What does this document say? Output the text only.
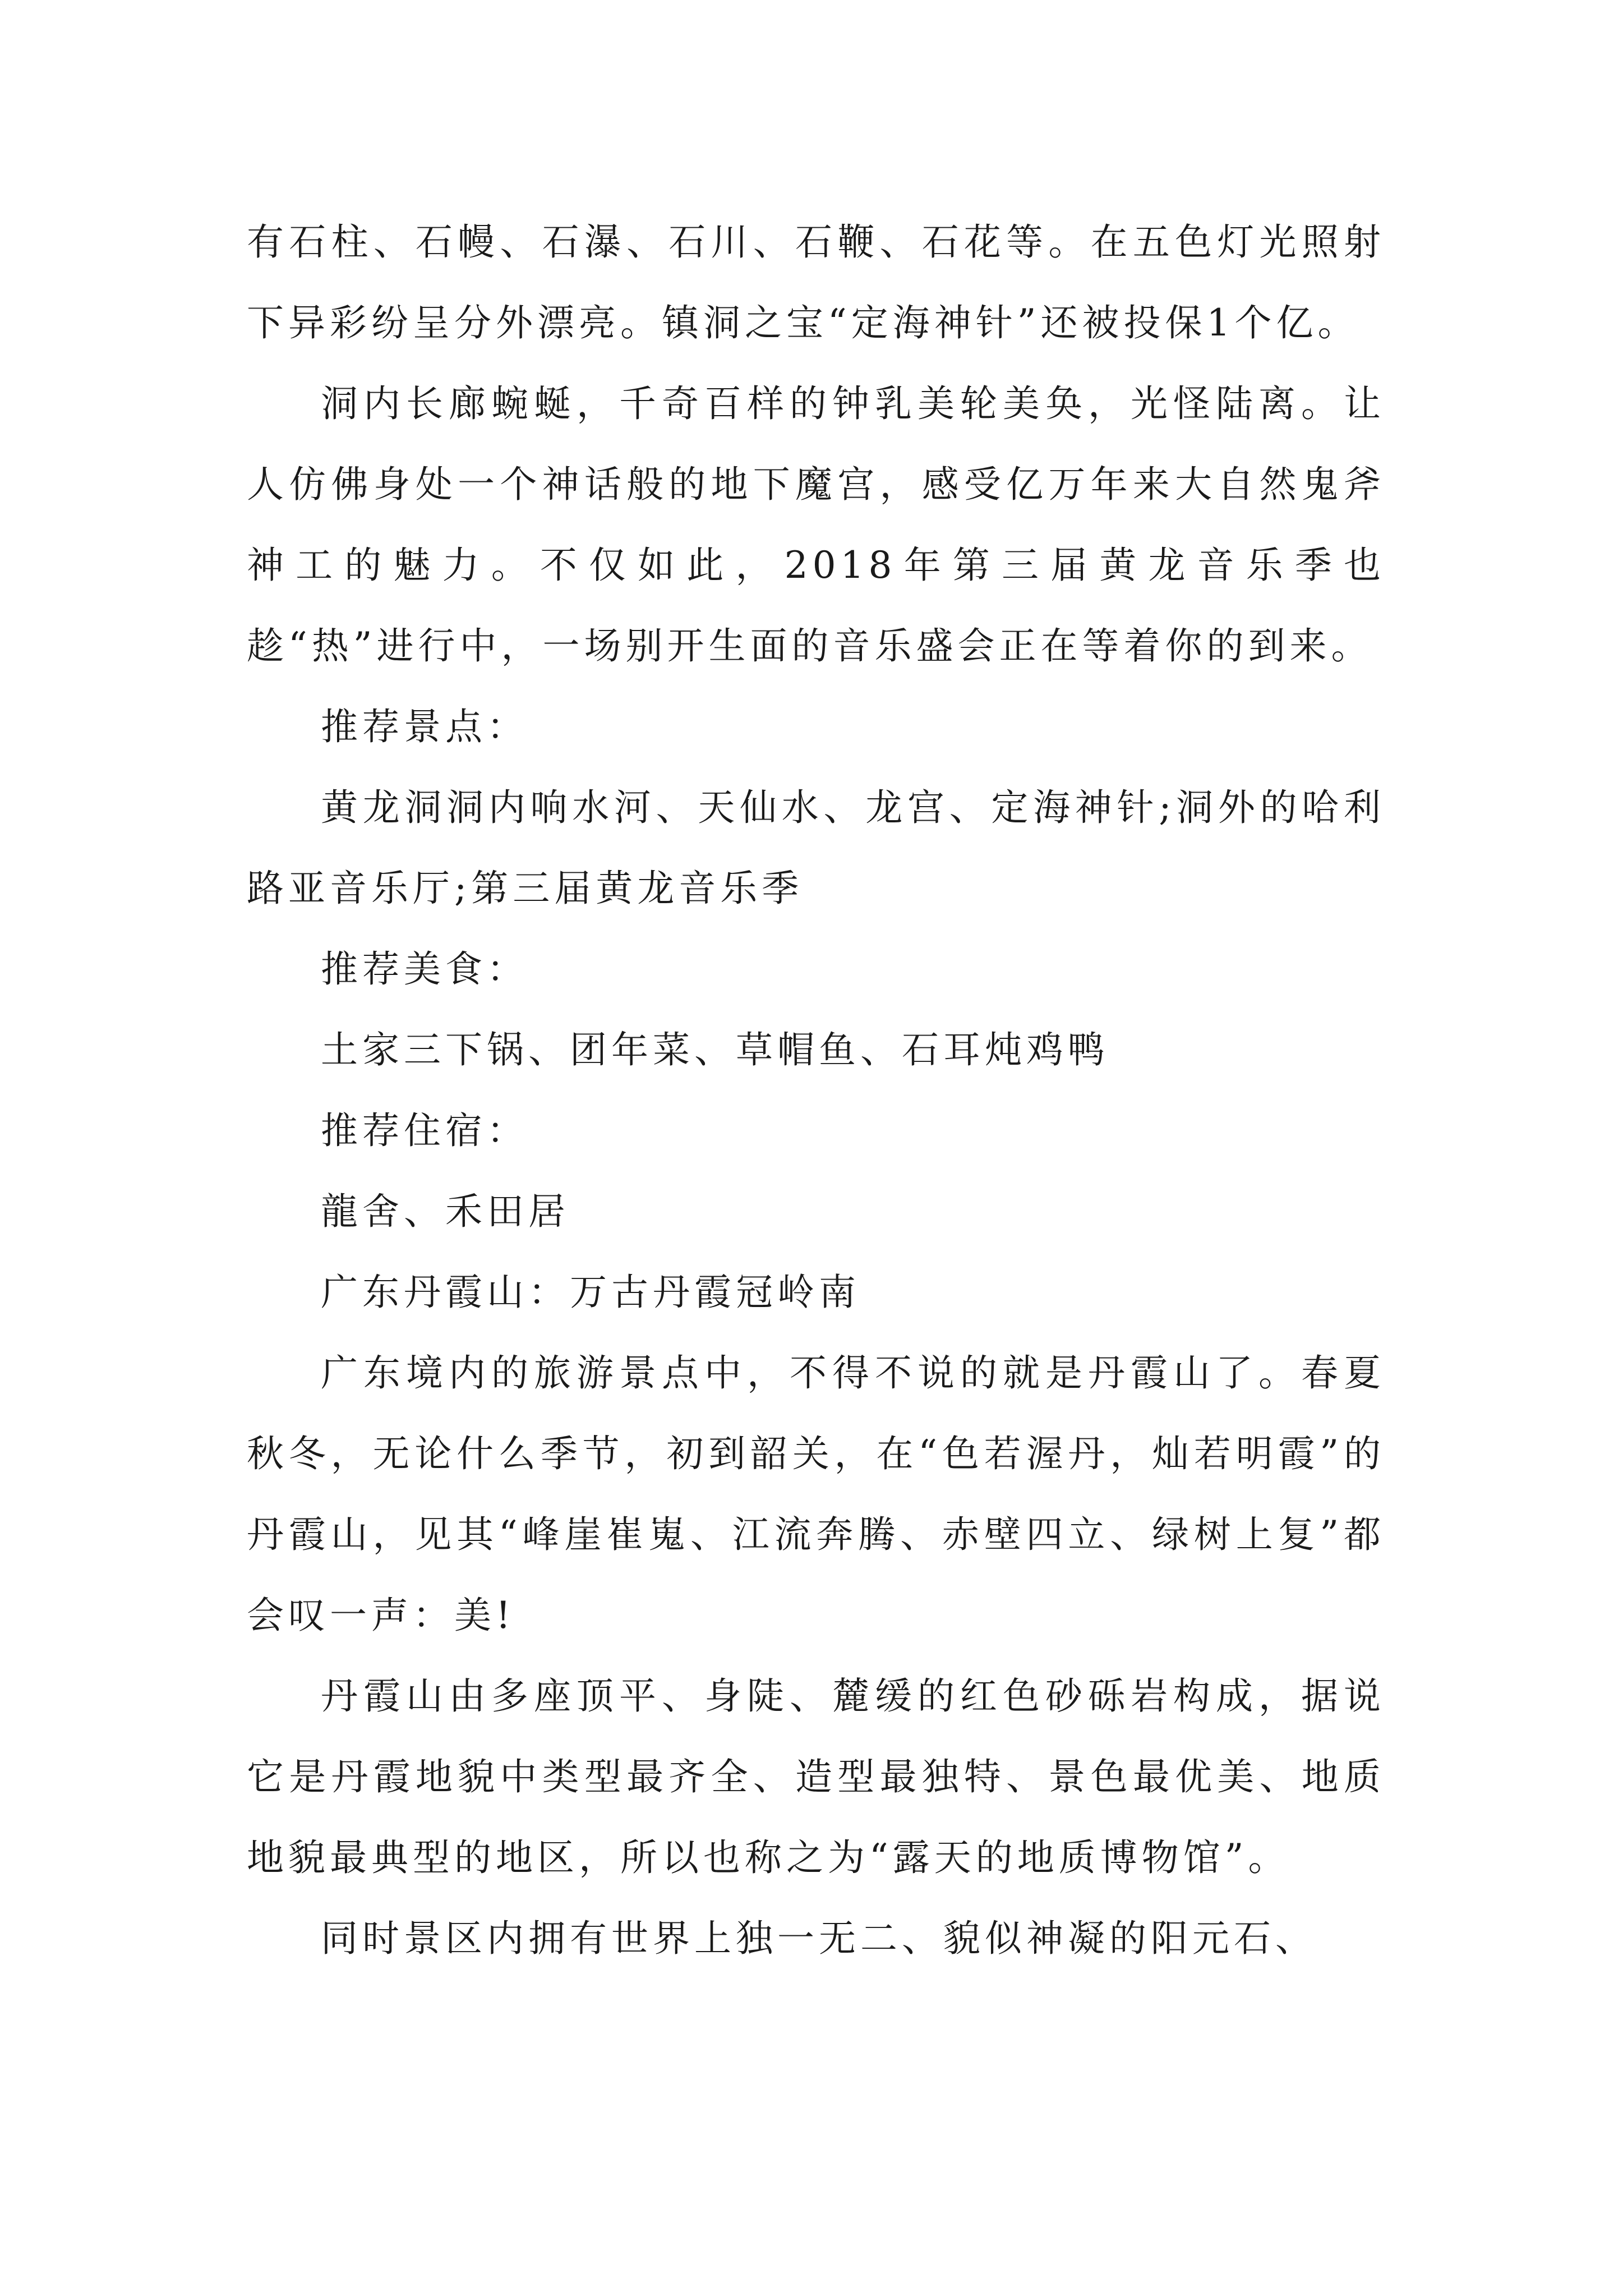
有石柱、石幔、石瀑、石川、石鞭、石花等。在五色灯光照射下异彩纷呈分外漂亮。镇洞之宝“定海神针”还被投保1个亿。

洞内长廊蜿蜒，千奇百样的钟乳美轮美奂，光怪陆离。让人仿佛身处一个神话般的地下魔宫，感受亿万年来大自然鬼斧神工的魅力。不仅如此，2018年第三届黄龙音乐季也趁“热”进行中，一场别开生面的音乐盛会正在等着你的到来。

推荐景点：

黄龙洞洞内响水河、天仙水、龙宫、定海神针;洞外的哈利路亚音乐厅;第三届黄龙音乐季

推荐美食：

土家三下锅、团年菜、草帽鱼、石耳炖鸡鸭

推荐住宿：

龍舍、禾田居

广东丹霞山：万古丹霞冠岭南

广东境内的旅游景点中，不得不说的就是丹霞山了。春夏秋冬，无论什么季节，初到韶关，在“色若渥丹，灿若明霞”的丹霞山，见其“峰崖崔嵬、江流奔腾、赤壁四立、绿树上复”都会叹一声：美!

丹霞山由多座顶平、身陡、麓缓的红色砂砾岩构成，据说它是丹霞地貌中类型最齐全、造型最独特、景色最优美、地质地貌最典型的地区，所以也称之为“露天的地质博物馆”。

同时景区内拥有世界上独一无二、貌似神凝的阳元石、
